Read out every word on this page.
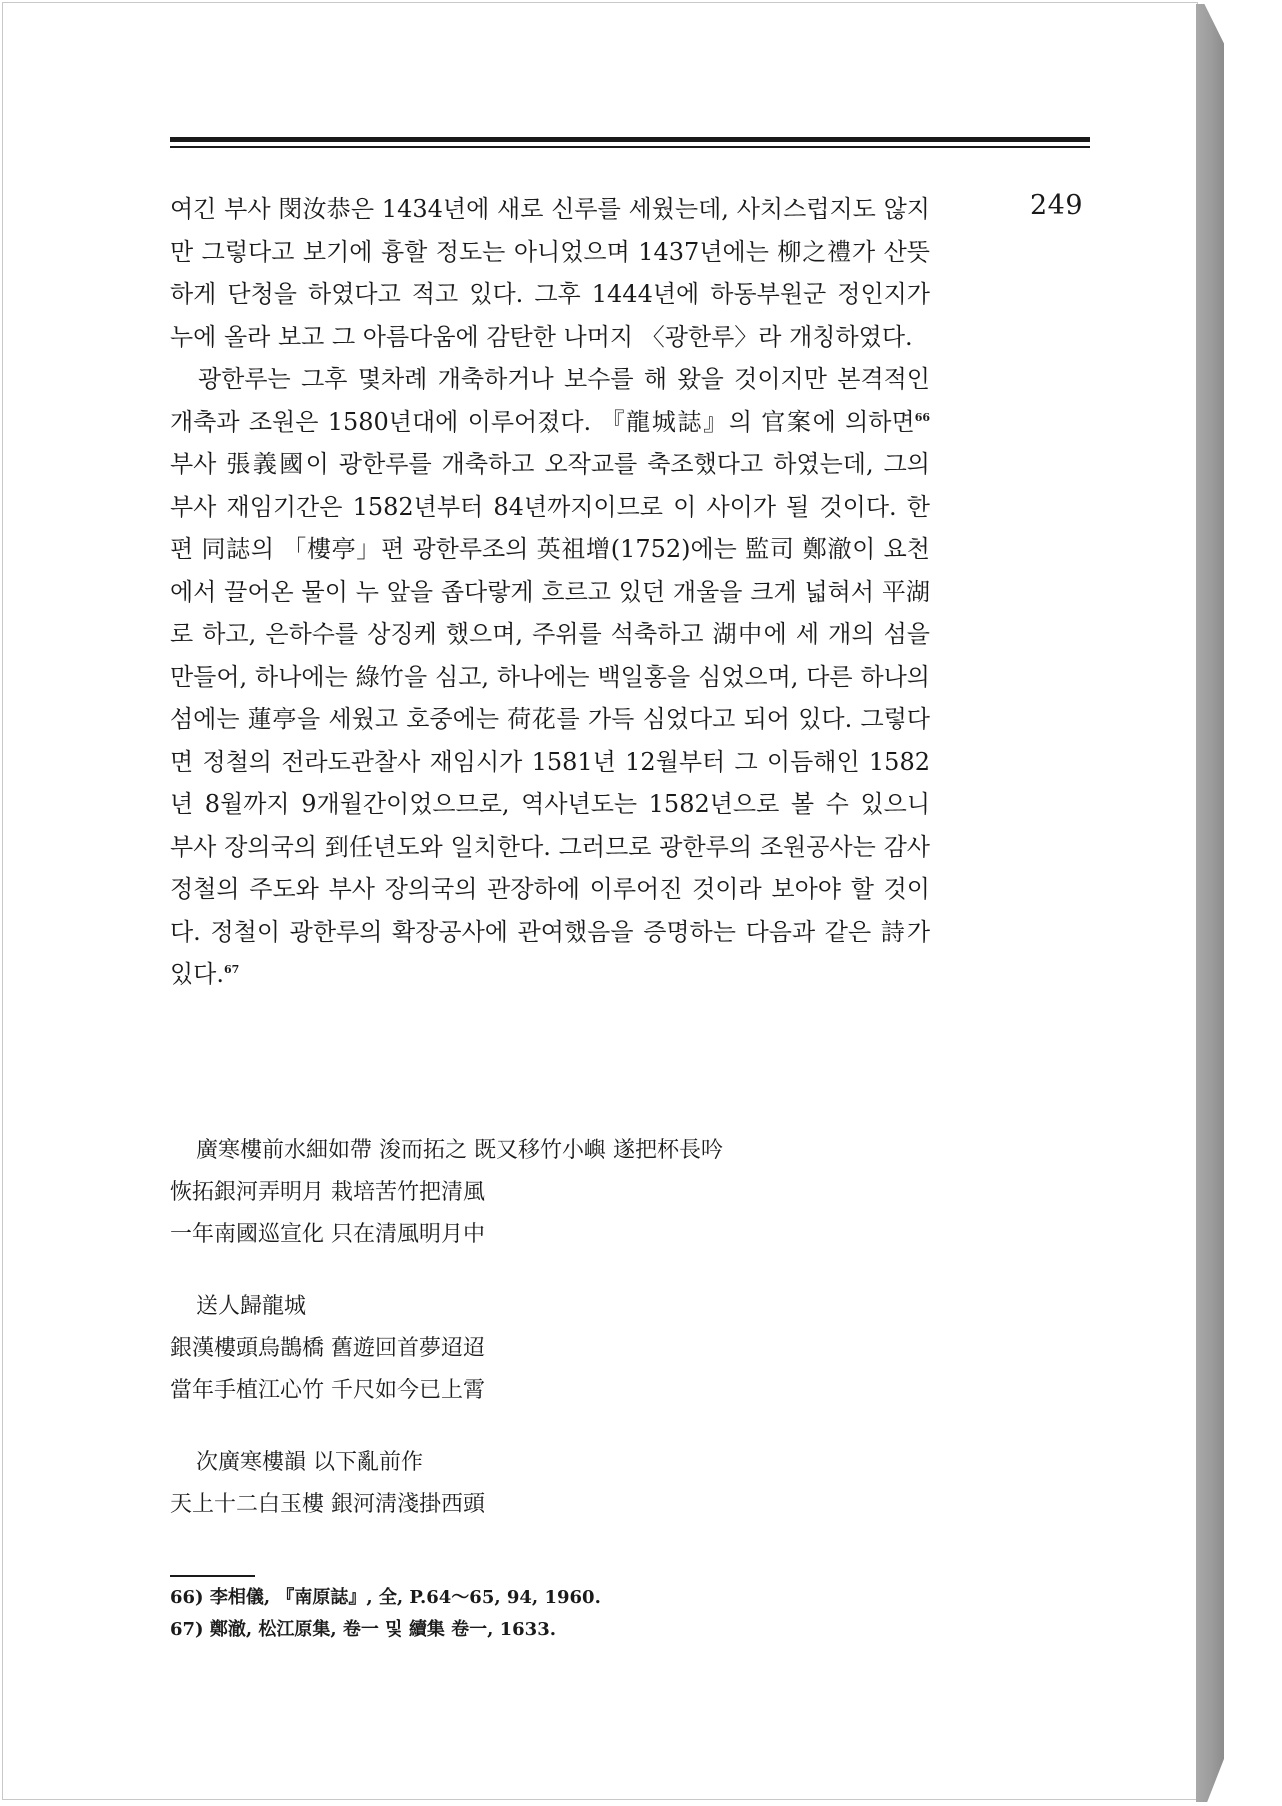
249

여긴 부사 閔汝恭은 1434년에 새로 신루를 세웠는데, 사치스럽지도 않지만 그렇다고 보기에 흉할 정도는 아니었으며 1437년에는 柳之禮가 산뜻하게 단청을 하였다고 적고 있다. 그후 1444년에 하동부원군 정인지가 누에 올라 보고 그 아름다움에 감탄한 나머지 〈광한루〉라 개칭하였다.

광한루는 그후 몇차례 개축하거나 보수를 해 왔을 것이지만 본격적인 개축과 조원은 1580년대에 이루어졌다. 『龍城誌』의 官案에 의하면$^{66}$ 부사 張義國이 광한루를 개축하고 오작교를 축조했다고 하였는데, 그의 부사 재임기간은 1582년부터 84년까지이므로 이 사이가 될 것이다. 한편 同誌의 「樓亭」편 광한루조의 英祖增(1752)에는 監司 鄭澈이 요천에서 끌어온 물이 누 앞을 좁다랗게 흐르고 있던 개울을 크게 넓혀서 平湖로 하고, 은하수를 상징케 했으며, 주위를 석축하고 湖中에 세 개의 섬을 만들어, 하나에는 綠竹을 심고, 하나에는 백일홍을 심었으며, 다른 하나의 섬에는 蓮亭을 세웠고 호중에는 荷花를 가득 심었다고 되어 있다. 그렇다면 정철의 전라도관찰사 재임시가 1581년 12월부터 그 이듬해인 1582년 8월까지 9개월간이었으므로, 역사년도는 1582년으로 볼 수 있으니 부사 장의국의 到任년도와 일치한다. 그러므로 광한루의 조원공사는 감사 정철의 주도와 부사 장의국의 관장하에 이루어진 것이라 보아야 할 것이다. 정철이 광한루의 확장공사에 관여했음을 증명하는 다음과 같은 詩가 있다.$^{67}$

廣寒樓前水細如帶 浚而拓之 既又移竹小嶼 遂把杯長吟
恢拓銀河弄明月 栽培苦竹把清風
一年南國巡宣化 只在清風明月中
送人歸龍城
銀漢樓頭烏鵲橋 舊遊回首夢迢迢
當年手植江心竹 千尺如今已上霄
次廣寒樓韻 以下亂前作
天上十二白玉樓 銀河淸淺掛西頭

66) 李相儀, 『南原誌』, 全, P.64～65, 94, 1960.

67) 鄭澈, 松江原集, 卷一 및 續集 卷一, 1633.
